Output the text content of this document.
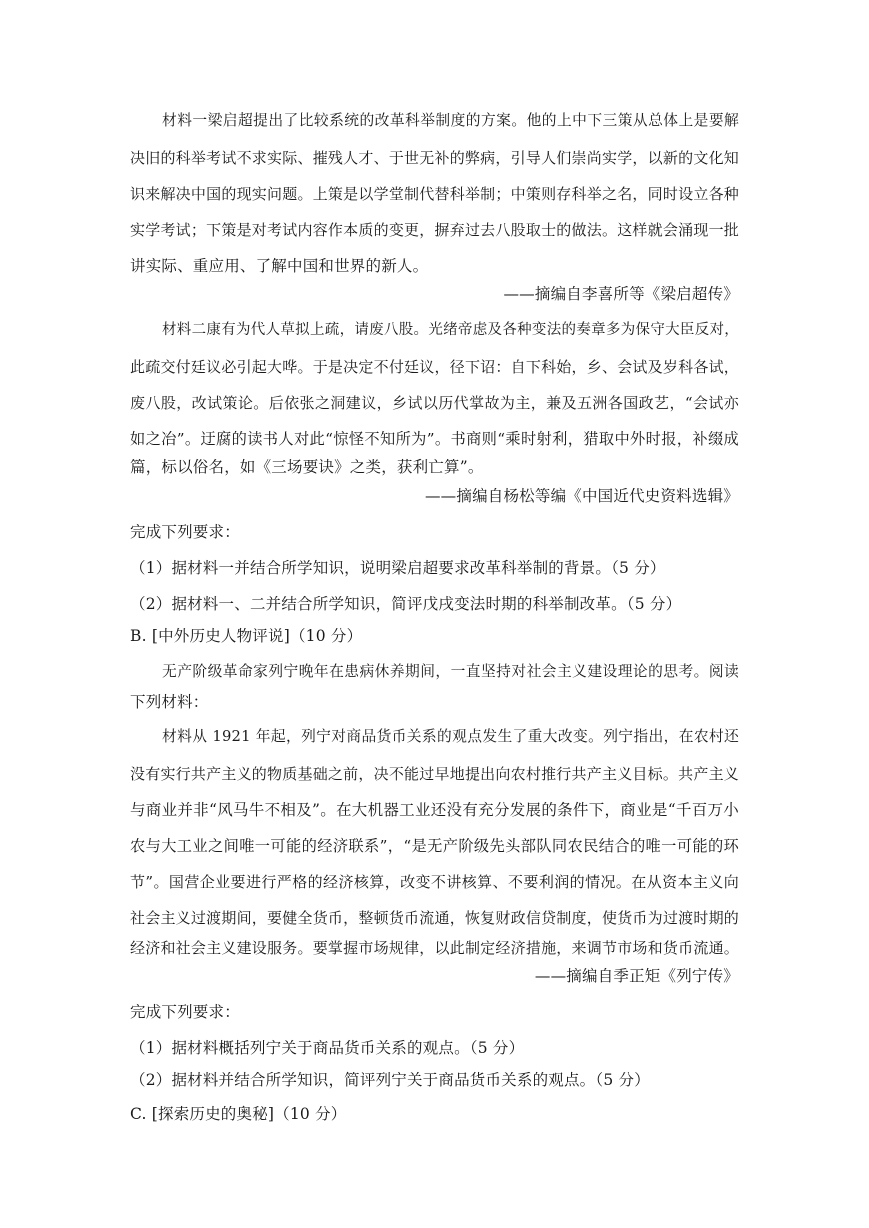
材料一梁启超提出了比较系统的改革科举制度的方案。他的上中下三策从总体上是要解
决旧的科举考试不求实际、摧残人才、于世无补的弊病，引导人们崇尚实学，以新的文化知
识来解决中国的现实问题。上策是以学堂制代替科举制；中策则存科举之名，同时设立各种
实学考试；下策是对考试内容作本质的变更，摒弃过去八股取士的做法。这样就会涌现一批
讲实际、重应用、了解中国和世界的新人。
——摘编自李喜所等《梁启超传》
材料二康有为代人草拟上疏，请废八股。光绪帝虑及各种变法的奏章多为保守大臣反对，
此疏交付廷议必引起大哗。于是决定不付廷议，径下诏：自下科始，乡、会试及岁科各试，
废八股，改试策论。后依张之洞建议，乡试以历代掌故为主，兼及五洲各国政艺，“会试亦
如之冶”。迂腐的读书人对此“惊怪不知所为”。书商则“乘时射利，猎取中外时报，补缀成
篇，标以俗名，如《三场要诀》之类，获利亡算”。
——摘编自杨松等编《中国近代史资料选辑》
完成下列要求：
（1）据材料一并结合所学知识，说明梁启超要求改革科举制的背景。（5 分）
（2）据材料一、二并结合所学知识，简评戊戌变法时期的科举制改革。（5 分）
B. [中外历史人物评说]（10 分）
无产阶级革命家列宁晚年在患病休养期间，一直坚持对社会主义建设理论的思考。阅读
下列材料：
材料从 1921 年起，列宁对商品货币关系的观点发生了重大改变。列宁指出，在农村还
没有实行共产主义的物质基础之前，决不能过早地提出向农村推行共产主义目标。共产主义
与商业并非“风马牛不相及”。在大机器工业还没有充分发展的条件下，商业是“千百万小
农与大工业之间唯一可能的经济联系”，“是无产阶级先头部队同农民结合的唯一可能的环
节”。国营企业要进行严格的经济核算，改变不讲核算、不要利润的情况。在从资本主义向
社会主义过渡期间，要健全货币，整顿货币流通，恢复财政信贷制度，使货币为过渡时期的
经济和社会主义建设服务。要掌握市场规律，以此制定经济措施，来调节市场和货币流通。
——摘编自季正矩《列宁传》
完成下列要求：
（1）据材料概括列宁关于商品货币关系的观点。（5 分）
（2）据材料并结合所学知识，简评列宁关于商品货币关系的观点。（5 分）
C. [探索历史的奥秘]（10 分）
